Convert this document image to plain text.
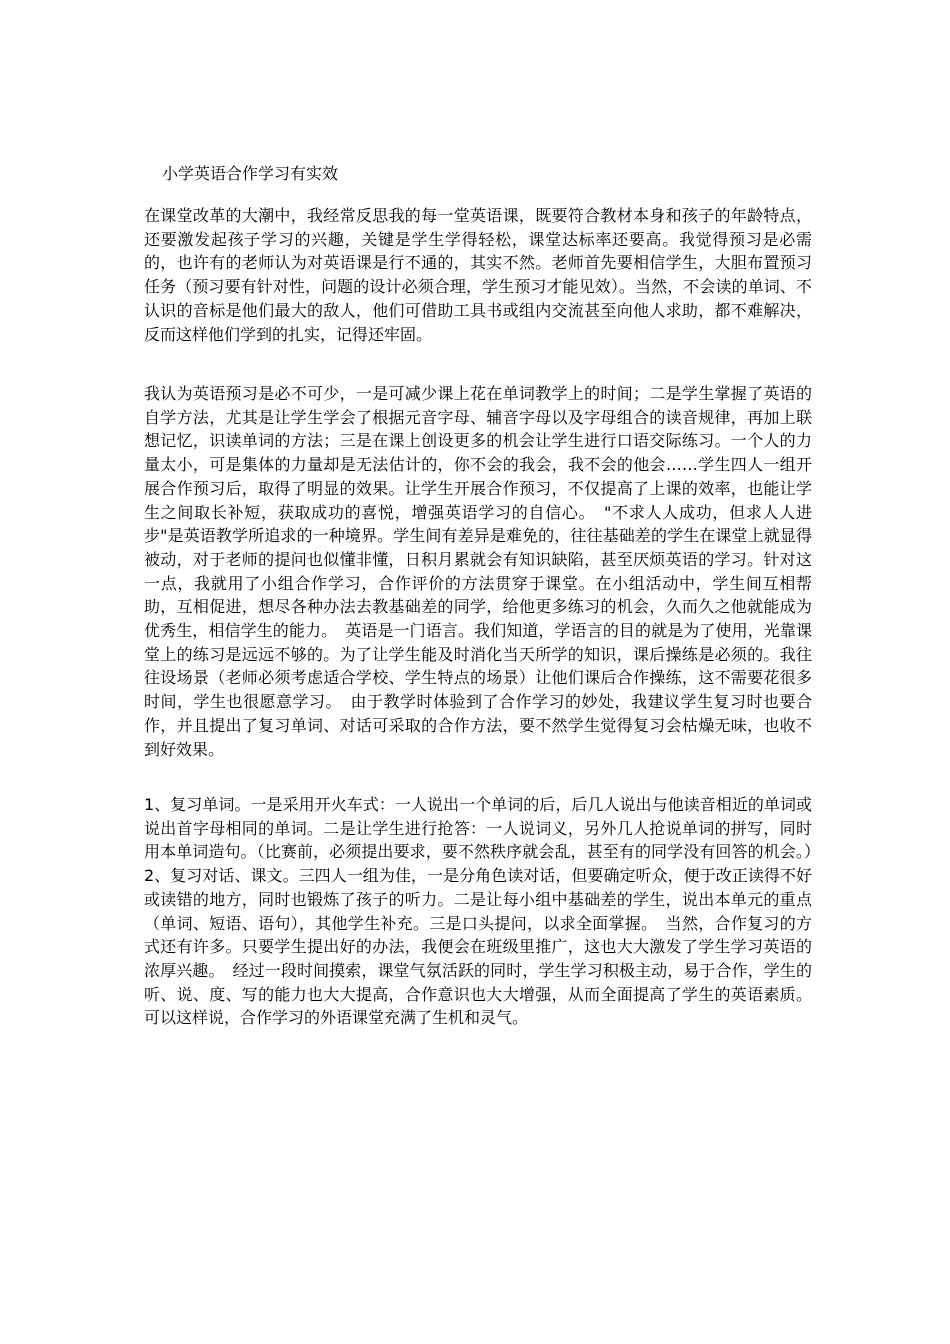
小学英语合作学习有实效

在课堂改革的大潮中，我经常反思我的每一堂英语课，既要符合教材本身和孩子的年龄特点，还要激发起孩子学习的兴趣，关键是学生学得轻松，课堂达标率还要高。我觉得预习是必需的，也许有的老师认为对英语课是行不通的，其实不然。老师首先要相信学生，大胆布置预习任务（预习要有针对性，问题的设计必须合理，学生预习才能见效）。当然，不会读的单词、不认识的音标是他们最大的敌人，他们可借助工具书或组内交流甚至向他人求助，都不难解决，反而这样他们学到的扎实，记得还牢固。

我认为英语预习是必不可少，一是可减少课上花在单词教学上的时间；二是学生掌握了英语的自学方法，尤其是让学生学会了根据元音字母、辅音字母以及字母组合的读音规律，再加上联想记忆，识读单词的方法；三是在课上创设更多的机会让学生进行口语交际练习。一个人的力量太小，可是集体的力量却是无法估计的，你不会的我会，我不会的他会……学生四人一组开展合作预习后，取得了明显的效果。让学生开展合作预习，不仅提高了上课的效率，也能让学生之间取长补短，获取成功的喜悦，增强英语学习的自信心。　"不求人人成功，但求人人进步"是英语教学所追求的一种境界。学生间有差异是难免的，往往基础差的学生在课堂上就显得被动，对于老师的提问也似懂非懂，日积月累就会有知识缺陷，甚至厌烦英语的学习。针对这一点，我就用了小组合作学习，合作评价的方法贯穿于课堂。在小组活动中，学生间互相帮助，互相促进，想尽各种办法去教基础差的同学，给他更多练习的机会，久而久之他就能成为优秀生，相信学生的能力。　英语是一门语言。我们知道，学语言的目的就是为了使用，光靠课堂上的练习是远远不够的。为了让学生能及时消化当天所学的知识，课后操练是必须的。我往往设场景（老师必须考虑适合学校、学生特点的场景）让他们课后合作操练，这不需要花很多时间，学生也很愿意学习。　由于教学时体验到了合作学习的妙处，我建议学生复习时也要合作，并且提出了复习单词、对话可采取的合作方法，要不然学生觉得复习会枯燥无味，也收不到好效果。

1、复习单词。一是采用开火车式：一人说出一个单词的后，后几人说出与他读音相近的单词或说出首字母相同的单词。二是让学生进行抢答：一人说词义，另外几人抢说单词的拼写，同时用本单词造句。（比赛前，必须提出要求，要不然秩序就会乱，甚至有的同学没有回答的机会。）　2、复习对话、课文。三四人一组为佳，一是分角色读对话，但要确定听众，便于改正读得不好或读错的地方，同时也锻炼了孩子的听力。二是让每小组中基础差的学生，说出本单元的重点（单词、短语、语句），其他学生补充。三是口头提问，以求全面掌握。　当然，合作复习的方式还有许多。只要学生提出好的办法，我便会在班级里推广，这也大大激发了学生学习英语的浓厚兴趣。　经过一段时间摸索，课堂气氛活跃的同时，学生学习积极主动，易于合作，学生的听、说、度、写的能力也大大提高，合作意识也大大增强，从而全面提高了学生的英语素质。可以这样说，合作学习的外语课堂充满了生机和灵气。
